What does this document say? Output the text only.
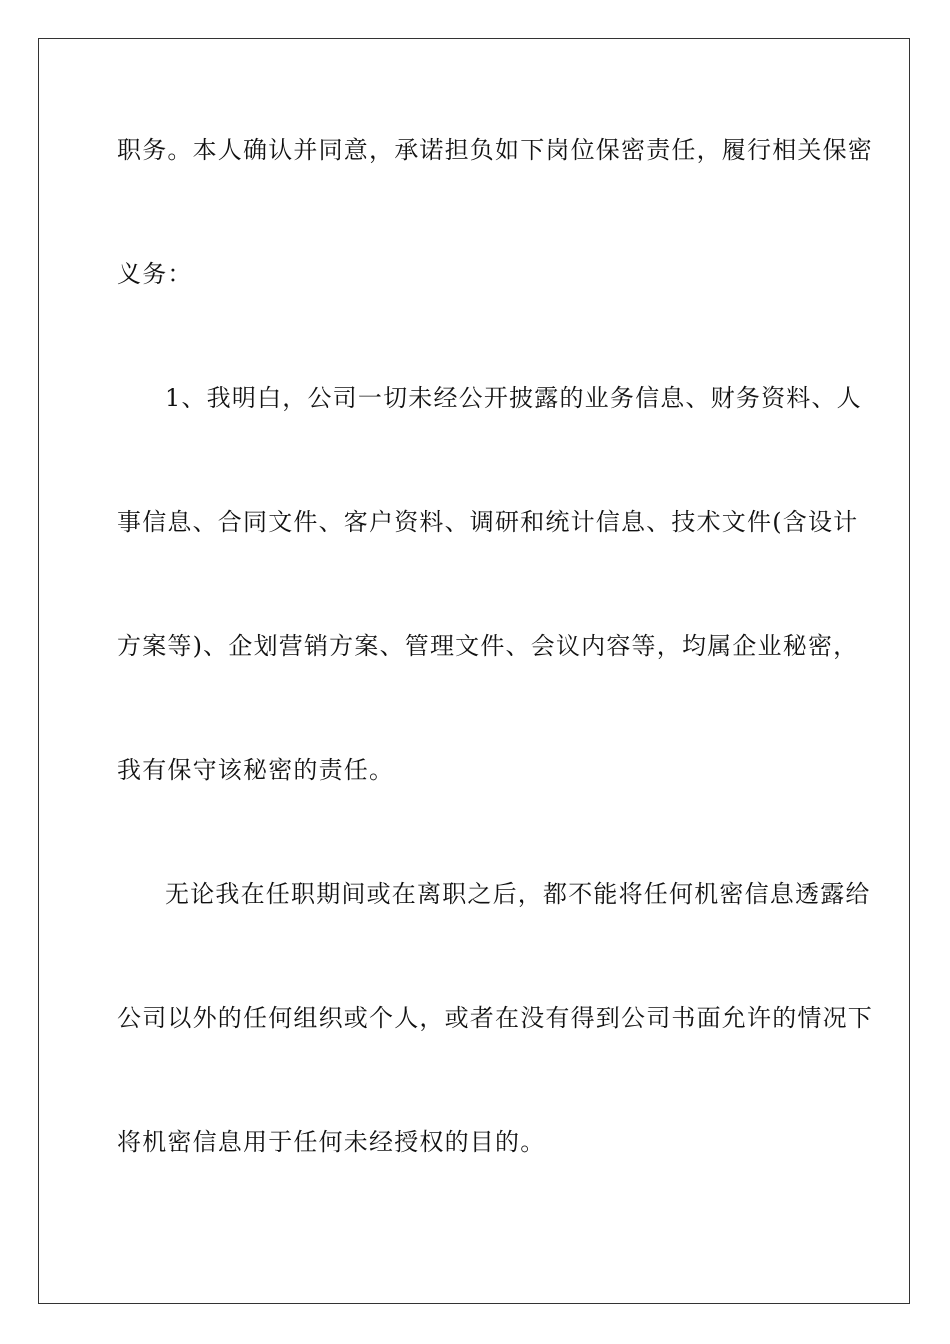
职务。本人确认并同意，承诺担负如下岗位保密责任，履行相关保密

义务：

1、我明白，公司一切未经公开披露的业务信息、财务资料、人

事信息、合同文件、客户资料、调研和统计信息、技术文件(含设计

方案等)、企划营销方案、管理文件、会议内容等，均属企业秘密，

我有保守该秘密的责任。

无论我在任职期间或在离职之后，都不能将任何机密信息透露给

公司以外的任何组织或个人，或者在没有得到公司书面允许的情况下

将机密信息用于任何未经授权的目的。
